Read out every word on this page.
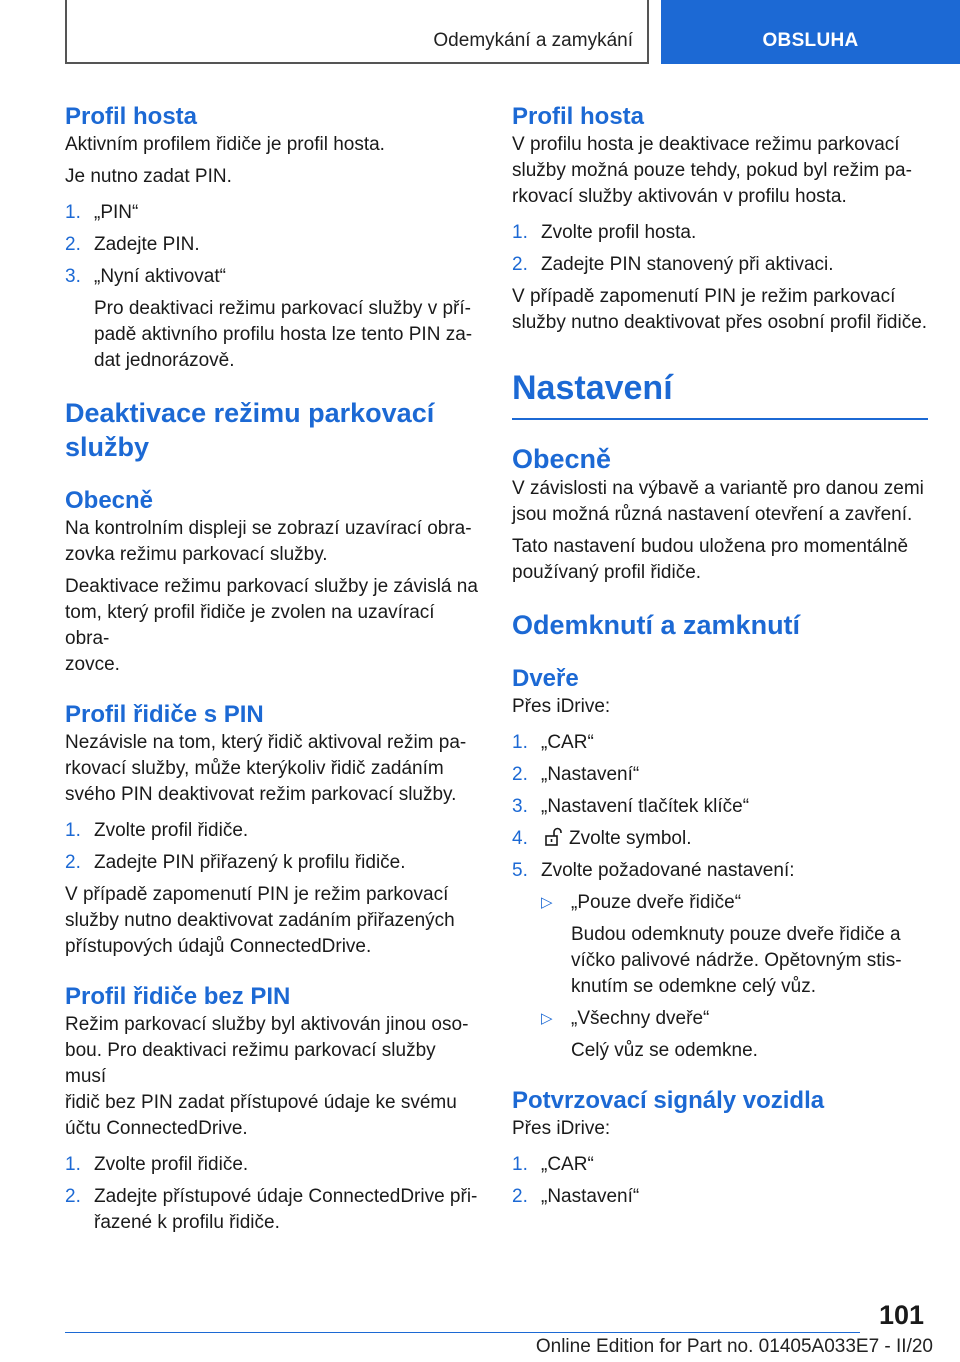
Odemykání a zamykání	OBSLUHA
Profil hosta

Aktivním profilem řidiče je profil hosta.

Je nutno zadat PIN.

1. „PIN“
2. Zadejte PIN.
3. „Nyní aktivovat“
Pro deaktivaci režimu parkovací služby v pří-
padě aktivního profilu hosta lze tento PIN za-
dat jednorázově.
Deaktivace režimu parkovací
služby
Obecně

Na kontrolním displeji se zobrazí uzavírací obra-
zovka režimu parkovací služby.

Deaktivace režimu parkovací služby je závislá na
tom, který profil řidiče je zvolen na uzavírací obra-
zovce.

Profil řidiče s PIN

Nezávisle na tom, který řidič aktivoval režim pa-
rkovací služby, může kterýkoliv řidič zadáním
svého PIN deaktivovat režim parkovací služby.

1. Zvolte profil řidiče.
2. Zadejte PIN přiřazený k profilu řidiče.

V případě zapomenutí PIN je režim parkovací
služby nutno deaktivovat zadáním přiřazených
přístupových údajů ConnectedDrive.

Profil řidiče bez PIN

Režim parkovací služby byl aktivován jinou oso-
bou. Pro deaktivaci režimu parkovací služby musí
řidič bez PIN zadat přístupové údaje ke svému
účtu ConnectedDrive.

1. Zvolte profil řidiče.
2. Zadejte přístupové údaje ConnectedDrive při-
řazené k profilu řidiče.
Profil hosta

V profilu hosta je deaktivace režimu parkovací
služby možná pouze tehdy, pokud byl režim pa-
rkovací služby aktivován v profilu hosta.

1. Zvolte profil hosta.
2. Zadejte PIN stanovený při aktivaci.

V případě zapomenutí PIN je režim parkovací
služby nutno deaktivovat přes osobní profil řidiče.

Nastavení
Obecně

V závislosti na výbavě a variantě pro danou zemi
jsou možná různá nastavení otevření a zavření.

Tato nastavení budou uložena pro momentálně
používaný profil řidiče.

Odemknutí a zamknutí
Dveře

Přes iDrive:

1. „CAR“
2. „Nastavení“
3. „Nastavení tlačítek klíče“
4. Zvolte symbol.
5. Zvolte požadované nastavení:
▷ „Pouze dveře řidiče“
Budou odemknuty pouze dveře řidiče a
víčko palivové nádrže. Opětovným stis-
knutím se odemkne celý vůz.
▷ „Všechny dveře“
Celý vůz se odemkne.
Potvrzovací signály vozidla

Přes iDrive:

1. „CAR“
2. „Nastavení“
101
Online Edition for Part no. 01405A033E7 - II/20
